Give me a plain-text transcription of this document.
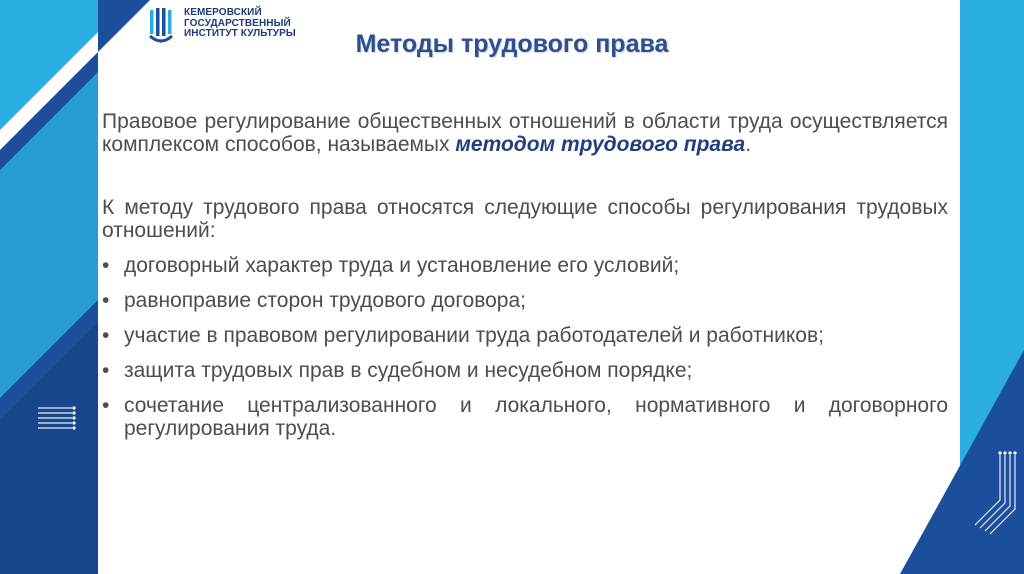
КЕМЕРОВСКИЙ
ГОСУДАРСТВЕННЫЙ
ИНСТИТУТ КУЛЬТУРЫ	Методы трудового права

Правовое регулирование общественных отношений в области труда осуществляется комплексом способов, называемых методом трудового права.

К методу трудового права относятся следующие способы регулирования трудовых отношений:

• договорный характер труда и установление его условий;
• равноправие сторон трудового договора;
• участие в правовом регулировании труда работодателей и работников;
• защита трудовых прав в судебном и несудебном порядке;
• сочетание централизованного и локального, нормативного и договорного регулирования труда.
